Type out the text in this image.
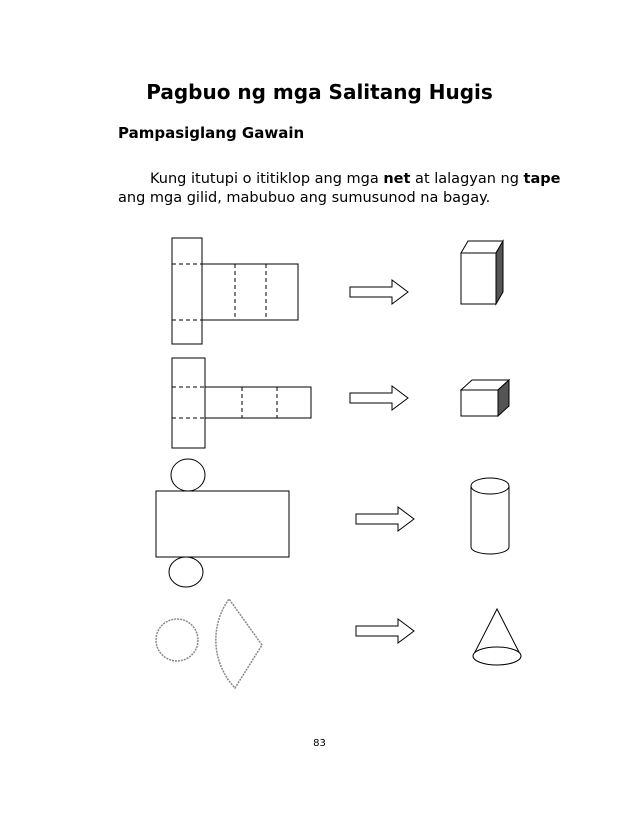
Pagbuo ng mga Salitang Hugis
Pampasiglang Gawain
Kung itutupi o ititiklop ang mga net at lalagyan ng tape ang mga gilid, mabubuo ang sumusunod na bagay.
83
